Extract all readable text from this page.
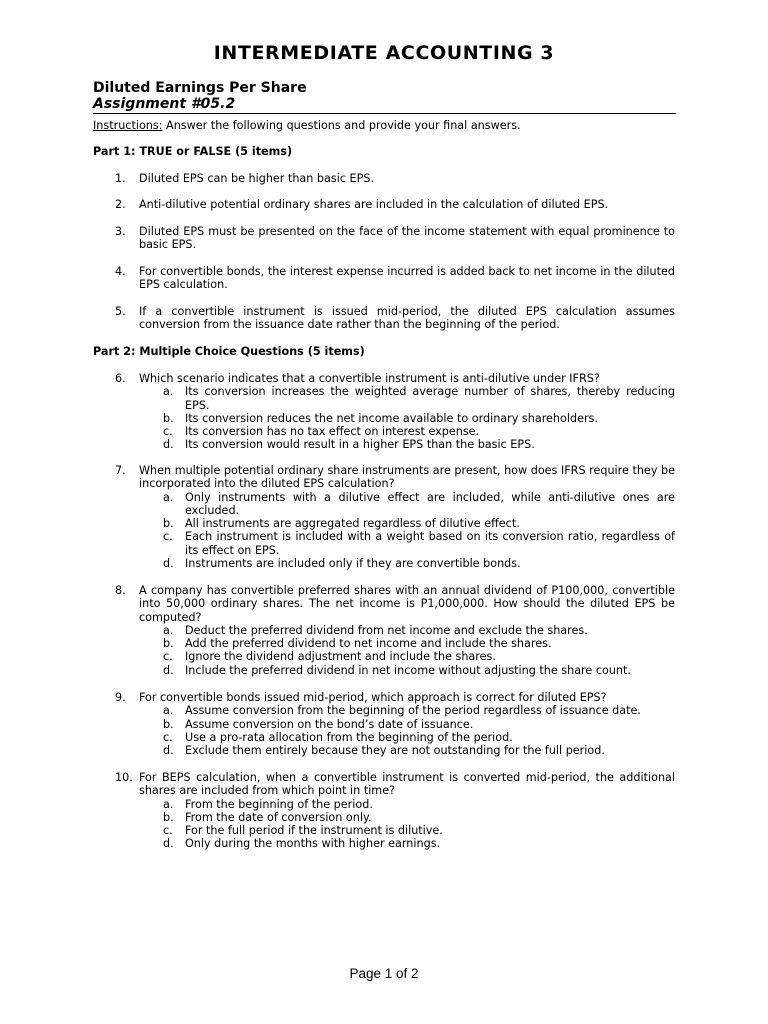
INTERMEDIATE ACCOUNTING 3
Diluted Earnings Per Share
Assignment #05.2
Instructions: Answer the following questions and provide your final answers.
Part 1: TRUE or FALSE (5 items)
1.	Diluted EPS can be higher than basic EPS.
2.	Anti-dilutive potential ordinary shares are included in the calculation of diluted EPS.
3.	Diluted EPS must be presented on the face of the income statement with equal prominence to basic EPS.
4.	For convertible bonds, the interest expense incurred is added back to net income in the diluted EPS calculation.
5.	If a convertible instrument is issued mid-period, the diluted EPS calculation assumes conversion from the issuance date rather than the beginning of the period.
Part 2: Multiple Choice Questions (5 items)
6.	Which scenario indicates that a convertible instrument is anti-dilutive under IFRS?
a. Its conversion increases the weighted average number of shares, thereby reducing EPS.
b. Its conversion reduces the net income available to ordinary shareholders.
c. Its conversion has no tax effect on interest expense.
d. Its conversion would result in a higher EPS than the basic EPS.
7.	When multiple potential ordinary share instruments are present, how does IFRS require they be incorporated into the diluted EPS calculation?
a. Only instruments with a dilutive effect are included, while anti-dilutive ones are excluded.
b. All instruments are aggregated regardless of dilutive effect.
c. Each instrument is included with a weight based on its conversion ratio, regardless of its effect on EPS.
d. Instruments are included only if they are convertible bonds.
8.	A company has convertible preferred shares with an annual dividend of P100,000, convertible into 50,000 ordinary shares. The net income is P1,000,000. How should the diluted EPS be computed?
a. Deduct the preferred dividend from net income and exclude the shares.
b. Add the preferred dividend to net income and include the shares.
c. Ignore the dividend adjustment and include the shares.
d. Include the preferred dividend in net income without adjusting the share count.
9.	For convertible bonds issued mid-period, which approach is correct for diluted EPS?
a. Assume conversion from the beginning of the period regardless of issuance date.
b. Assume conversion on the bond’s date of issuance.
c. Use a pro-rata allocation from the beginning of the period.
d. Exclude them entirely because they are not outstanding for the full period.
10. For BEPS calculation, when a convertible instrument is converted mid-period, the additional shares are included from which point in time?
a. From the beginning of the period.
b. From the date of conversion only.
c. For the full period if the instrument is dilutive.
d. Only during the months with higher earnings.
Page 1 of 2
